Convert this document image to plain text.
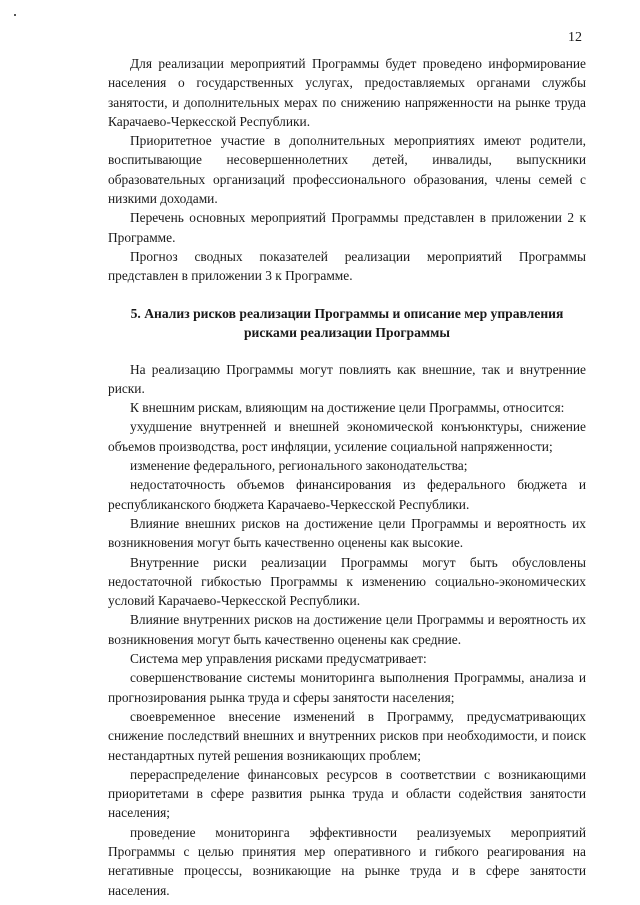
12

Для реализации мероприятий Программы будет проведено информирование населения о государственных услугах, предоставляемых органами службы занятости, и дополнительных мерах по снижению напряженности на рынке труда Карачаево-Черкесской Республики.

Приоритетное участие в дополнительных мероприятиях имеют родители, воспитывающие несовершеннолетних детей, инвалиды, выпускники образовательных организаций профессионального образования, члены семей с низкими доходами.

Перечень основных мероприятий Программы представлен в приложении 2 к Программе.

Прогноз сводных показателей реализации мероприятий Программы представлен в приложении 3 к Программе.

5. Анализ рисков реализации Программы и описание мер управления рисками реализации Программы

На реализацию Программы могут повлиять как внешние, так и внутренние риски.

К внешним рискам, влияющим на достижение цели Программы, относится:

ухудшение внутренней и внешней экономической конъюнктуры, снижение объемов производства, рост инфляции, усиление социальной напряженности;

изменение федерального, регионального законодательства;

недостаточность объемов финансирования из федерального бюджета и республиканского бюджета Карачаево-Черкесской Республики.

Влияние внешних рисков на достижение цели Программы и вероятность их возникновения могут быть качественно оценены как высокие.

Внутренние риски реализации Программы могут быть обусловлены недостаточной гибкостью Программы к изменению социально-экономических условий Карачаево-Черкесской Республики.

Влияние внутренних рисков на достижение цели Программы и вероятность их возникновения могут быть качественно оценены как средние.

Система мер управления рисками предусматривает:

совершенствование системы мониторинга выполнения Программы, анализа и прогнозирования рынка труда и сферы занятости населения;

своевременное внесение изменений в Программу, предусматривающих снижение последствий внешних и внутренних рисков при необходимости, и поиск нестандартных путей решения возникающих проблем;

перераспределение финансовых ресурсов в соответствии с возникающими приоритетами в сфере развития рынка труда и области содействия занятости населения;

проведение мониторинга эффективности реализуемых мероприятий Программы с целью принятия мер оперативного и гибкого реагирования на негативные процессы, возникающие на рынке труда и в сфере занятости населения.
